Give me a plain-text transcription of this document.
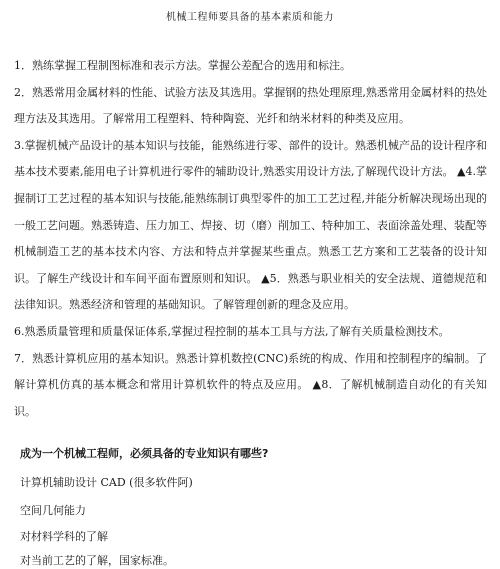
机械工程师要具备的基本素质和能力

1．熟练掌握工程制图标准和表示方法。掌握公差配合的选用和标注。

2．熟悉常用金属材料的性能、试验方法及其选用。掌握钢的热处理原理,熟悉常用金属材料的热处理方法及其选用。了解常用工程塑料、特种陶瓷、光纤和纳米材料的种类及应用。

3.掌握机械产品设计的基本知识与技能，能熟练进行零、部件的设计。熟悉机械产品的设计程序和基本技术要素,能用电子计算机进行零件的辅助设计,熟悉实用设计方法,了解现代设计方法。 ▲4.掌握制订工艺过程的基本知识与技能,能熟练制订典型零件的加工工艺过程,并能分析解决现场出现的一般工艺问题。熟悉铸造、压力加工、焊接、切（磨）削加工、特种加工、表面涂盖处理、装配等机械制造工艺的基本技术内容、方法和特点并掌握某些重点。熟悉工艺方案和工艺装备的设计知识。了解生产线设计和车间平面布置原则和知识。 ▲5．熟悉与职业相关的安全法规、道德规范和法律知识。熟悉经济和管理的基础知识。了解管理创新的理念及应用。

6.熟悉质量管理和质量保证体系,掌握过程控制的基本工具与方法,了解有关质量检测技术。

7．熟悉计算机应用的基本知识。熟悉计算机数控(CNC)系统的构成、作用和控制程序的编制。了解计算机仿真的基本概念和常用计算机软件的特点及应用。 ▲8．了解机械制造自动化的有关知识。

成为一个机械工程师，必须具备的专业知识有哪些?
计算机辅助设计 CAD (很多软件阿)
空间几何能力
对材料学科的了解
对当前工艺的了解，国家标准。
